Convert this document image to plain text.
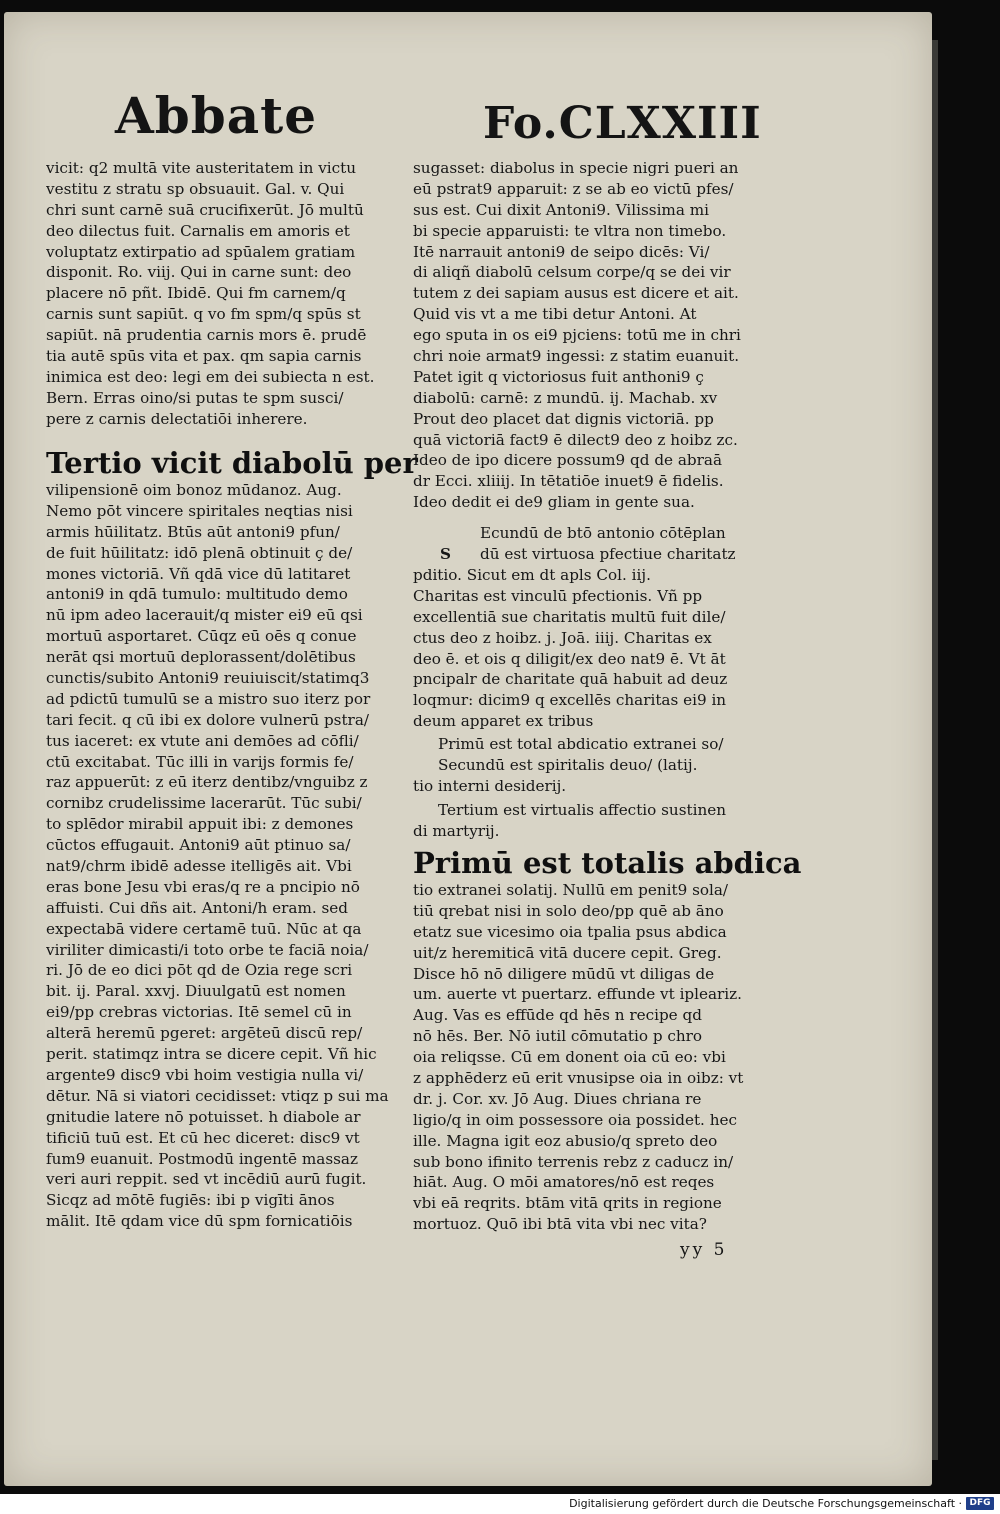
Abbate	Fo.CLXXIII
vicit: q2 multā vite austeritatem in victu
vestitu z stratu sp obsuauit. Gal. v. Qui
chri sunt carnē suā crucifixerūt. Jō multū
deo dilectus fuit. Carnalis em amoris et
voluptatz extirpatio ad spūalem gratiam
disponit. Ro. viij. Qui in carne sunt: deo
placere nō pñt. Ibidē. Qui fm carnem/q
carnis sunt sapiūt. q vo fm spm/q spūs st
sapiūt. nā prudentia carnis mors ē. prudē
tia autē spūs vita et pax. qm sapia carnis
inimica est deo: legi em dei subiecta n est.
Bern. Erras oino/si putas te spm susci/
pere z carnis delectatiōi inherere.
Tertio vicit diabolū per
vilipensionē oim bonoz mūdanoz. Aug.
Nemo pōt vincere spiritales neqtias nisi
armis hūilitatz. Btūs aūt antoni9 pfun/
de fuit hūilitatz: idō plenā obtinuit ç de/
mones victoriā. Vñ qdā vice dū latitaret
antoni9 in qdā tumulo: multitudo demo
nū ipm adeo lacerauit/q mister ei9 eū qsi
mortuū asportaret. Cūqz eū oēs q conue
nerāt qsi mortuū deplorassent/dolētibus
cunctis/subito Antoni9 reuiuiscit/statimq3
ad pdictū tumulū se a mistro suo iterz por
tari fecit. q cū ibi ex dolore vulnerū pstra/
tus iaceret: ex vtute ani demōes ad cōfli/
ctū excitabat. Tūc illi in varijs formis fe/
raz appuerūt: z eū iterz dentibz/vnguibz z
cornibz crudelissime lacerarūt. Tūc subi/
to splēdor mirabil appuit ibi: z demones
cūctos effugauit. Antoni9 aūt ptinuo sa/
nat9/chrm ibidē adesse itelligēs ait. Vbi
eras bone Jesu vbi eras/q re a pncipio nō
affuisti. Cui dñs ait. Antoni/h eram. sed
expectabā videre certamē tuū. Nūc at qa
viriliter dimicasti/i toto orbe te faciā noia/
ri. Jō de eo dici pōt qd de Ozia rege scri
bit. ij. Paral. xxvj. Diuulgatū est nomen
ei9/pp crebras victorias. Itē semel cū in
alterā heremū pgeret: argēteū discū rep/
perit. statimqz intra se dicere cepit. Vñ hic
argente9 disc9 vbi hoim vestigia nulla vi/
dētur. Nā si viatori cecidisset: vtiqz p sui ma
gnitudie latere nō potuisset. h diabole ar
tificiū tuū est. Et cū hec diceret: disc9 vt
fum9 euanuit. Postmodū ingentē massaz
veri auri reppit. sed vt incēdiū aurū fugit.
Sicqz ad mōtē fugiēs: ibi p vigīti ānos
mālit. Itē qdam vice dū spm fornicatiōis
sugasset: diabolus in specie nigri pueri an
eū pstrat9 apparuit: z se ab eo victū pfes/
sus est. Cui dixit Antoni9. Vilissima mi
bi specie apparuisti: te vltra non timebo.
Itē narrauit antoni9 de seipo dicēs: Vi/
di aliqñ diabolū celsum corpe/q se dei vir
tutem z dei sapiam ausus est dicere et ait.
Quid vis vt a me tibi detur Antoni. At
ego sputa in os ei9 pjciens: totū me in chri
chri noie armat9 ingessi: z statim euanuit.
Patet igit q victoriosus fuit anthoni9 ç
diabolū: carnē: z mundū. ij. Machab. xv
Prout deo placet dat dignis victoriā. pp
quā victoriā fact9 ē dilect9 deo z hoibz zc.
Ideo de ipo dicere possum9 qd de abraā
dr Ecci. xliiij. In tētatiōe inuet9 ē fidelis.
Ideo dedit ei de9 gliam in gente sua.
Ecundū de btō antonio cōtēplan
S dū est virtuosa pfectiue charitatz
pditio. Sicut em dt apls Col. iij.
Charitas est vinculū pfectionis. Vñ pp
excellentiā sue charitatis multū fuit dile/
ctus deo z hoibz. j. Joā. iiij. Charitas ex
deo ē. et ois q diligit/ex deo nat9 ē. Vt āt
pncipalr de charitate quā habuit ad deuz
loqmur: dicim9 q excellēs charitas ei9 in
deum apparet ex tribus
Primū est total abdicatio extranei so/
Secundū est spiritalis deuo/ (latij.
tio interni desiderij.
Tertium est virtualis affectio sustinen
di martyrij.
Primū est totalis abdica
tio extranei solatij. Nullū em penit9 sola/
tiū qrebat nisi in solo deo/pp quē ab āno
etatz sue vicesimo oia tpalia psus abdica
uit/z heremiticā vitā ducere cepit. Greg.
Disce hō nō diligere mūdū vt diligas de
um. auerte vt puertarz. effunde vt ipleariz.
Aug. Vas es effūde qd hēs n recipe qd
nō hēs. Ber. Nō iutil cōmutatio p chro
oia reliqsse. Cū em donent oia cū eo: vbi
z apphēderz eū erit vnusipse oia in oibz: vt
dr. j. Cor. xv. Jō Aug. Diues chriana re
ligio/q in oim possessore oia possidet. hec
ille. Magna igit eoz abusio/q spreto deo
sub bono ifinito terrenis rebz z caducz in/
hiāt. Aug. O mōi amatores/nō est reqes
vbi eā reqrits. btām vitā qrits in regione
mortuoz. Quō ibi btā vita vbi nec vita?
yy 5
Digitalisierung gefördert durch die Deutsche Forschungsgemeinschaft · DFG
